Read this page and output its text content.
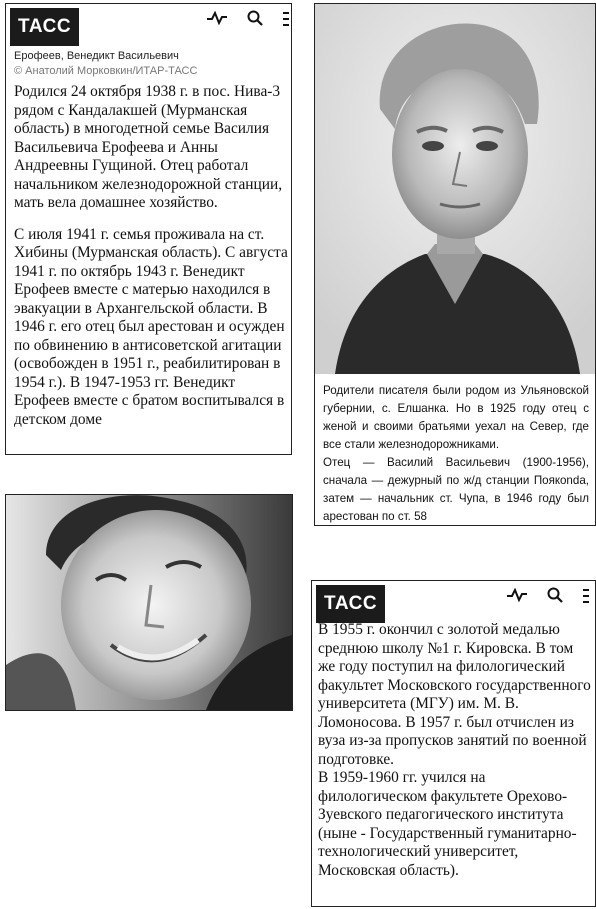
ТАСС
Ерофеев, Венедикт Васильевич
© Анатолий Морковкин/ИТАР-ТАСС

Родился 24 октября 1938 г. в пос. Нива-3 рядом с Кандалакшей (Мурманская область) в многодетной семье Василия Васильевича Ерофеева и Анны Андреевны Гущиной. Отец работал начальником железнодорожной станции, мать вела домашнее хозяйство.

С июля 1941 г. семья проживала на ст. Хибины (Мурманская область). С августа 1941 г. по октябрь 1943 г. Венедикт Ерофеев вместе с матерью находился в эвакуации в Архангельской области. В 1946 г. его отец был арестован и осужден по обвинению в антисоветской агитации (освобожден в 1951 г., реабилитирован в 1954 г.). В 1947-1953 гг. Венедикт Ерофеев вместе с братом воспитывался в детском доме

Родители писателя были родом из Ульяновской губернии, с. Елшанка. Но в 1925 году отец с женой и своими братьями уехал на Север, где все стали железнодорожниками.

Отец — Василий Васильевич (1900-1956), сначала — дежурный по ж/д станции Поякonda, затем — начальник ст. Чупа, в 1946 году был арестован по ст. 58

ТАСС

В 1955 г. окончил с золотой медалью среднюю школу №1 г. Кировска. В том же году поступил на филологический факультет Московского государственного университета (МГУ) им. М. В. Ломоносова. В 1957 г. был отчислен из вуза из-за пропусков занятий по военной подготовке.

В 1959-1960 гг. учился на филологическом факультете Орехово-Зуевского педагогического института (ныне - Государственный гуманитарно-технологический университет, Московская область).
